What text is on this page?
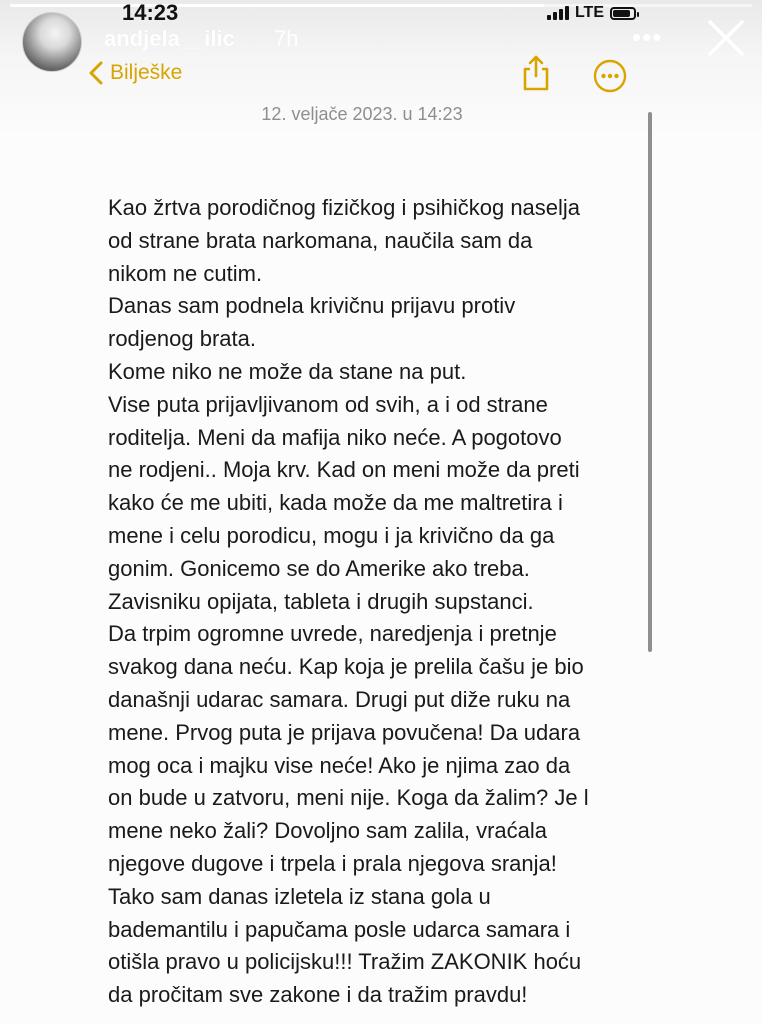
14:23	LTE
andjela__ilic 7h	•••
Bilješke
12. veljače 2023. u 14:23
Kao žrtva porodičnog fizičkog i psihičkog naselja
od strane brata narkomana, naučila sam da
nikom ne cutim.
Danas sam podnela krivičnu prijavu protiv
rodjenog brata.
Kome niko ne može da stane na put.
Vise puta prijavljivanom od svih, a i od strane
roditelja. Meni da mafija niko neće. A pogotovo
ne rodjeni.. Moja krv. Kad on meni može da preti
kako će me ubiti, kada može da me maltretira i
mene i celu porodicu, mogu i ja krivično da ga
gonim. Gonicemo se do Amerike ako treba.
Zavisniku opijata, tableta i drugih supstanci.
Da trpim ogromne uvrede, naredjenja i pretnje
svakog dana neću. Kap koja je prelila čašu je bio
današnji udarac samara. Drugi put diže ruku na
mene. Prvog puta je prijava povučena! Da udara
mog oca i majku vise neće! Ako je njima zao da
on bude u zatvoru, meni nije. Koga da žalim? Je l
mene neko žali? Dovoljno sam zalila, vraćala
njegove dugove i trpela i prala njegova sranja!
Tako sam danas izletela iz stana gola u
bademantilu i papučama posle udarca samara i
otišla pravo u policijsku!!! Tražim ZAKONIK hoću
da pročitam sve zakone i da tražim pravdu!
